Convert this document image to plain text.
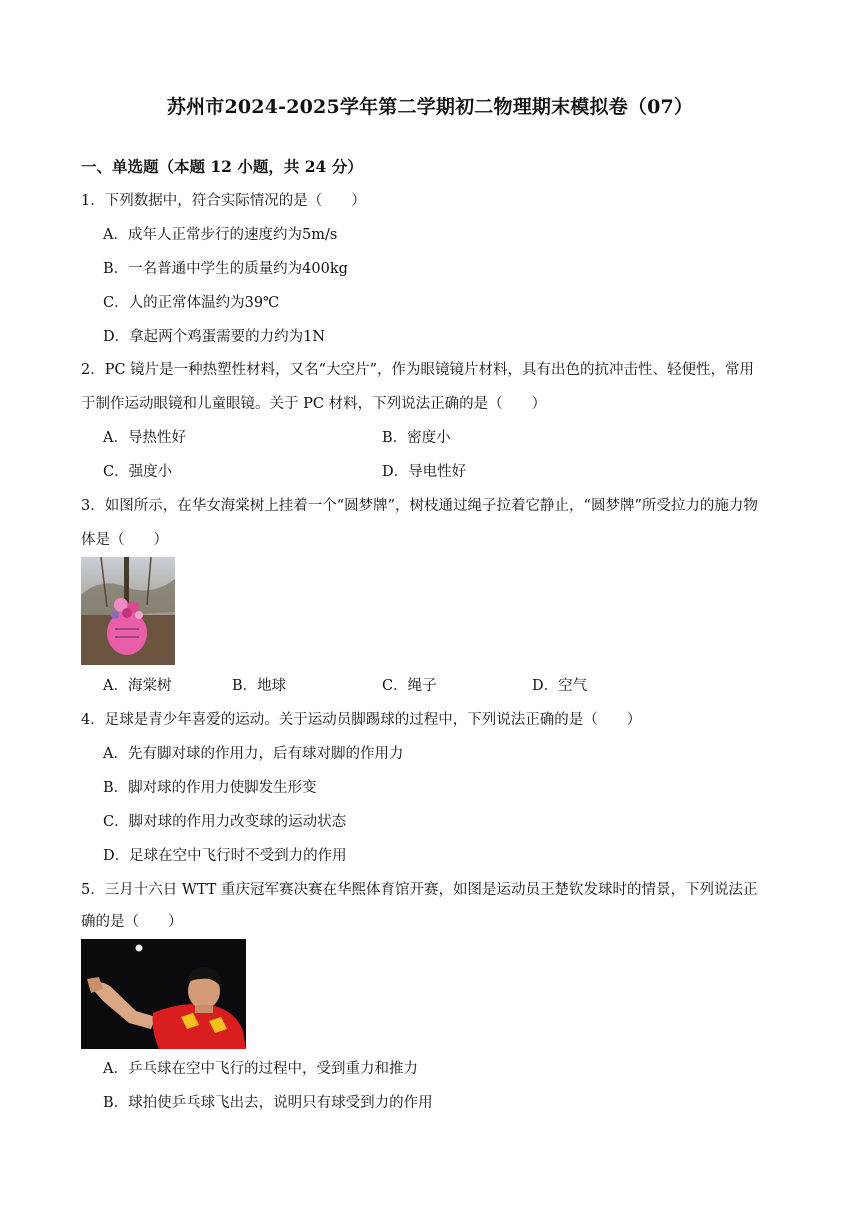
苏州市2024-2025学年第二学期初二物理期末模拟卷（07）
一、单选题（本题 12 小题，共 24 分）
1．下列数据中，符合实际情况的是（　　）
A．成年人正常步行的速度约为5m/s
B．一名普通中学生的质量约为400kg
C．人的正常体温约为39℃
D．拿起两个鸡蛋需要的力约为1N
2．PC 镜片是一种热塑性材料，又名“大空片”，作为眼镜镜片材料，具有出色的抗冲击性、轻便性，常用
于制作运动眼镜和儿童眼镜。关于 PC 材料，下列说法正确的是（　　）
A．导热性好	B．密度小
C．强度小	D．导电性好
3．如图所示，在华女海棠树上挂着一个“圆梦牌”，树枝通过绳子拉着它静止，“圆梦牌”所受拉力的施力物
体是（　　）
A．海棠树	B．地球	C．绳子	D．空气
4．足球是青少年喜爱的运动。关于运动员脚踢球的过程中，下列说法正确的是（　　）
A．先有脚对球的作用力，后有球对脚的作用力
B．脚对球的作用力使脚发生形变
C．脚对球的作用力改变球的运动状态
D．足球在空中飞行时不受到力的作用
5．三月十六日 WTT 重庆冠军赛决赛在华熙体育馆开赛，如图是运动员王楚钦发球时的情景，下列说法正
确的是（　　）
A．乒乓球在空中飞行的过程中，受到重力和推力
B．球拍使乒乓球飞出去，说明只有球受到力的作用
